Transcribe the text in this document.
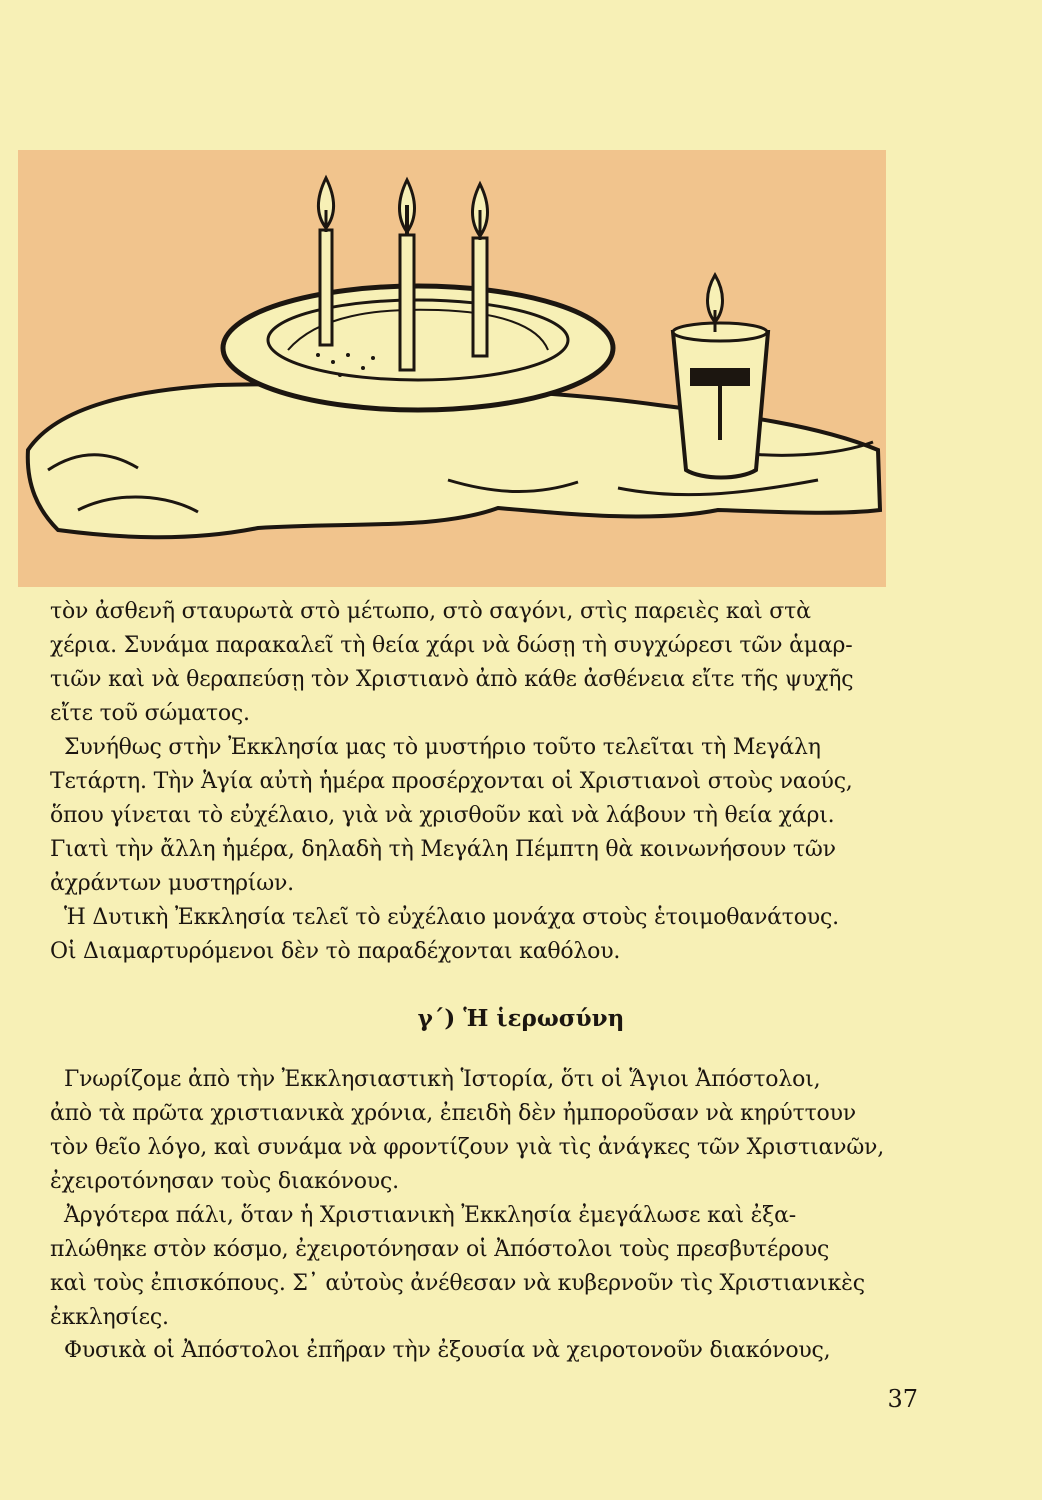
τὸν ἀσθενῆ σταυρωτὰ στὸ μέτωπο, στὸ σαγόνι, στὶς παρειὲς καὶ στὰ

χέρια. Συνάμα παρακαλεῖ τὴ θεία χάρι νὰ δώσῃ τὴ συγχώρεσι τῶν ἁμαρ-

τιῶν καὶ νὰ θεραπεύσῃ τὸν Χριστιανὸ ἀπὸ κάθε ἀσθένεια εἴτε τῆς ψυχῆς

εἴτε τοῦ σώματος.

Συνήθως στὴν Ἐκκλησία μας τὸ μυστήριο τοῦτο τελεῖται τὴ Μεγάλη

Τετάρτη. Τὴν Ἁγία αὐτὴ ἡμέρα προσέρχονται οἱ Χριστιανοὶ στοὺς ναούς,

ὅπου γίνεται τὸ εὐχέλαιο, γιὰ νὰ χρισθοῦν καὶ νὰ λάβουν τὴ θεία χάρι.

Γιατὶ τὴν ἄλλη ἡμέρα, δηλαδὴ τὴ Μεγάλη Πέμπτη θὰ κοινωνήσουν τῶν

ἀχράντων μυστηρίων.

Ἡ Δυτικὴ Ἐκκλησία τελεῖ τὸ εὐχέλαιο μονάχα στοὺς ἑτοιμοθανάτους.

Οἱ Διαμαρτυρόμενοι δὲν τὸ παραδέχονται καθόλου.

γ´) Ἡ ἱερωσύνη

Γνωρίζομε ἀπὸ τὴν Ἐκκλησιαστικὴ Ἱστορία, ὅτι οἱ Ἅγιοι Ἀπόστολοι,

ἀπὸ τὰ πρῶτα χριστιανικὰ χρόνια, ἐπειδὴ δὲν ἠμποροῦσαν νὰ κηρύττουν

τὸν θεῖο λόγο, καὶ συνάμα νὰ φροντίζουν γιὰ τὶς ἀνάγκες τῶν Χριστιανῶν,

ἐχειροτόνησαν τοὺς διακόνους.

Ἀργότερα πάλι, ὅταν ἡ Χριστιανικὴ Ἐκκλησία ἐμεγάλωσε καὶ ἐξα-

πλώθηκε στὸν κόσμο, ἐχειροτόνησαν οἱ Ἀπόστολοι τοὺς πρεσβυτέρους

καὶ τοὺς ἐπισκόπους. Σ᾽ αὐτοὺς ἀνέθεσαν νὰ κυβερνοῦν τὶς Χριστιανικὲς

ἐκκλησίες.

Φυσικὰ οἱ Ἀπόστολοι ἐπῆραν τὴν ἐξουσία νὰ χειροτονοῦν διακόνους,

37
